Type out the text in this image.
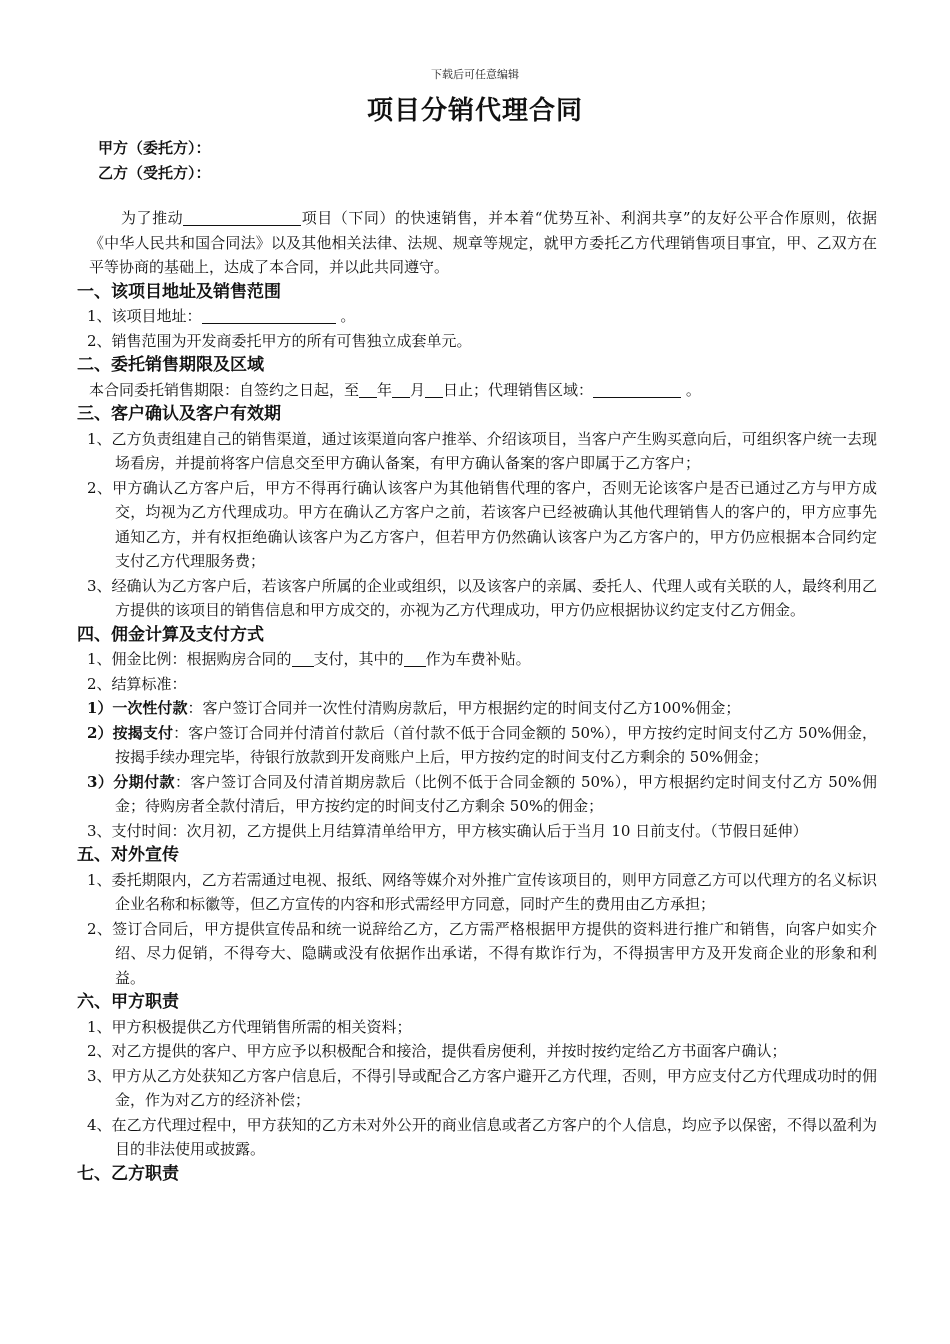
下载后可任意编辑
项目分销代理合同
甲方（委托方）：
乙方（受托方）：

为了推动	项目（下同）的快速销售，并本着“优势互补、利润共享”的友好公平合作原则，依据《中华人民共和国合同法》以及其他相关法律、法规、规章等规定，就甲方委托乙方代理销售项目事宜，甲、乙双方在平等协商的基础上，达成了本合同，并以此共同遵守。

一、该项目地址及销售范围

1、该项目地址：	。

2、销售范围为开发商委托甲方的所有可售独立成套单元。

二、委托销售期限及区域

本合同委托销售期限：自签约之日起，至 年 月 日止；代理销售区域：	。

三、客户确认及客户有效期

1、乙方负责组建自己的销售渠道，通过该渠道向客户推举、介绍该项目，当客户产生购买意向后，可组织客户统一去现场看房，并提前将客户信息交至甲方确认备案，有甲方确认备案的客户即属于乙方客户；

2、甲方确认乙方客户后，甲方不得再行确认该客户为其他销售代理的客户，否则无论该客户是否已通过乙方与甲方成交，均视为乙方代理成功。甲方在确认乙方客户之前，若该客户已经被确认其他代理销售人的客户的，甲方应事先通知乙方，并有权拒绝确认该客户为乙方客户，但若甲方仍然确认该客户为乙方客户的，甲方仍应根据本合同约定支付乙方代理服务费；

3、经确认为乙方客户后，若该客户所属的企业或组织，以及该客户的亲属、委托人、代理人或有关联的人，最终利用乙方提供的该项目的销售信息和甲方成交的，亦视为乙方代理成功，甲方仍应根据协议约定支付乙方佣金。

四、佣金计算及支付方式

1、佣金比例：根据购房合同的 支付，其中的 作为车费补贴。

2、结算标准：

1）一次性付款：客户签订合同并一次性付清购房款后，甲方根据约定的时间支付乙方100%佣金；

2）按揭支付：客户签订合同并付清首付款后（首付款不低于合同金额的 50%），甲方按约定时间支付乙方 50%佣金，按揭手续办理完毕，待银行放款到开发商账户上后，甲方按约定的时间支付乙方剩余的 50%佣金；

3）分期付款：客户签订合同及付清首期房款后（比例不低于合同金额的 50%），甲方根据约定时间支付乙方 50%佣金；待购房者全款付清后，甲方按约定的时间支付乙方剩余 50%的佣金；

3、支付时间：次月初，乙方提供上月结算清单给甲方，甲方核实确认后于当月 10 日前支付。（节假日延伸）

五、对外宣传

1、委托期限内，乙方若需通过电视、报纸、网络等媒介对外推广宣传该项目的，则甲方同意乙方可以代理方的名义标识企业名称和标徽等，但乙方宣传的内容和形式需经甲方同意，同时产生的费用由乙方承担；

2、签订合同后，甲方提供宣传品和统一说辞给乙方，乙方需严格根据甲方提供的资料进行推广和销售，向客户如实介绍、尽力促销，不得夸大、隐瞒或没有依据作出承诺，不得有欺诈行为，不得损害甲方及开发商企业的形象和利益。

六、甲方职责

1、甲方积极提供乙方代理销售所需的相关资料；

2、对乙方提供的客户、甲方应予以积极配合和接洽，提供看房便利，并按时按约定给乙方书面客户确认；

3、甲方从乙方处获知乙方客户信息后，不得引导或配合乙方客户避开乙方代理，否则，甲方应支付乙方代理成功时的佣金，作为对乙方的经济补偿；

4、在乙方代理过程中，甲方获知的乙方未对外公开的商业信息或者乙方客户的个人信息，均应予以保密，不得以盈利为目的非法使用或披露。

七、乙方职责
